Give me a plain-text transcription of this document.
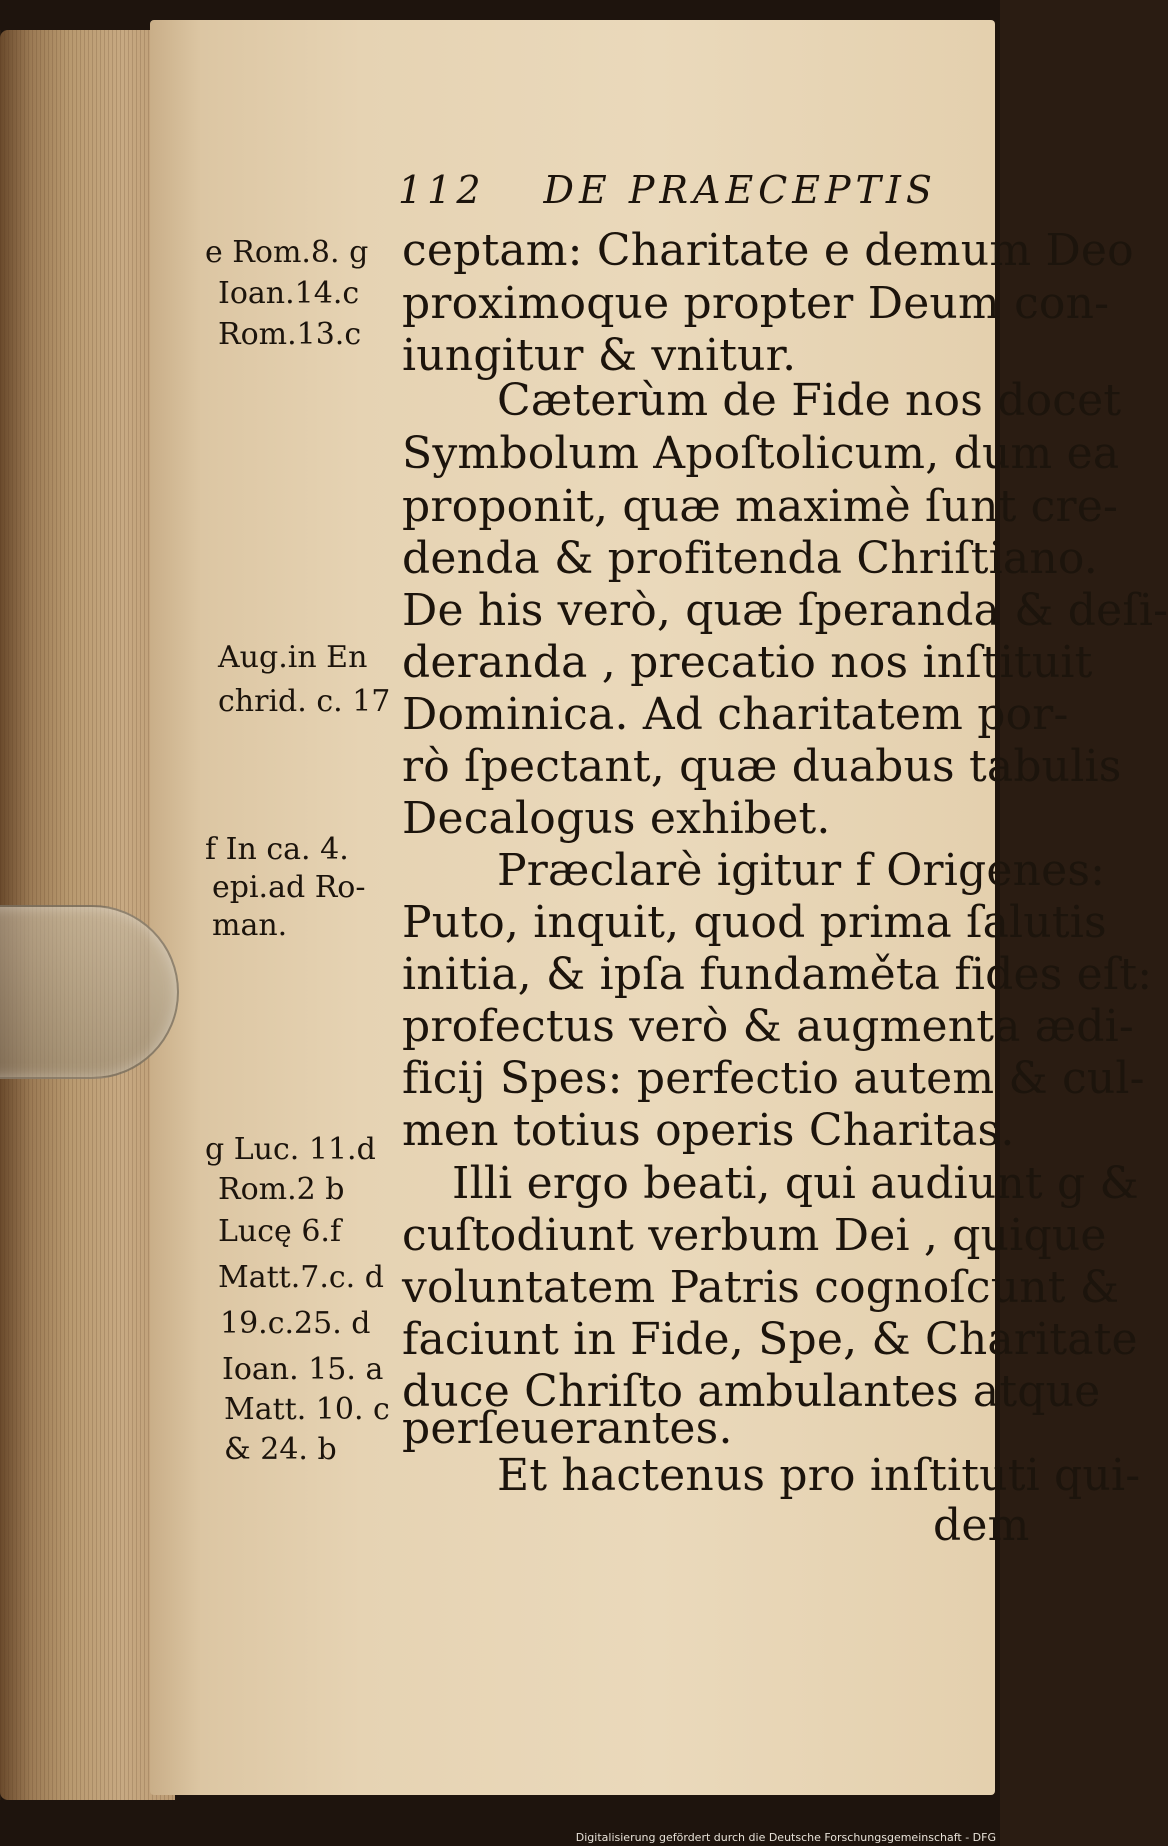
112 DE PRAECEPTIS
ceptam: Charitate e demum Deo
proximoque propter Deum con-
iungitur & vnitur.
Cæterùm de Fide nos docet
Symbolum Apoſtolicum, dum ea
proponit, quæ maximè ſunt cre-
denda & profitenda Chriſtiano.
De his verò, quæ ſperanda & deſi-
deranda , precatio nos inſtituit
Dominica. Ad charitatem por-
rò ſpectant, quæ duabus tabulis
Decalogus exhibet.
Præclarè igitur f Origenes:
Puto, inquit, quod prima ſalutis
initia, & ipſa fundaměta fides eſt:
profectus verò & augmenta ædi-
ficij Spes: perfectio autem & cul-
men totius operis Charitas.
Illi ergo beati, qui audiunt g &
cuſtodiunt verbum Dei , quique
voluntatem Patris cognoſcunt &
faciunt in Fide, Spe, & Charitate
duce Chriſto ambulantes atque
perſeuerantes.
Et hactenus pro inſtituti qui-
dem
e Rom.8. g
Ioan.14.c
Rom.13.c
Aug.in En
chrid. c. 17
f In ca. 4.
epi.ad Ro-
man.
g Luc. 11.d
Rom.2 b
Lucę 6.f
Matt.7.c. d
19.c.25. d
Ioan. 15. a
Matt. 10. c
& 24. b
Digitalisierung gefördert durch die Deutsche Forschungsgemeinschaft - DFG
